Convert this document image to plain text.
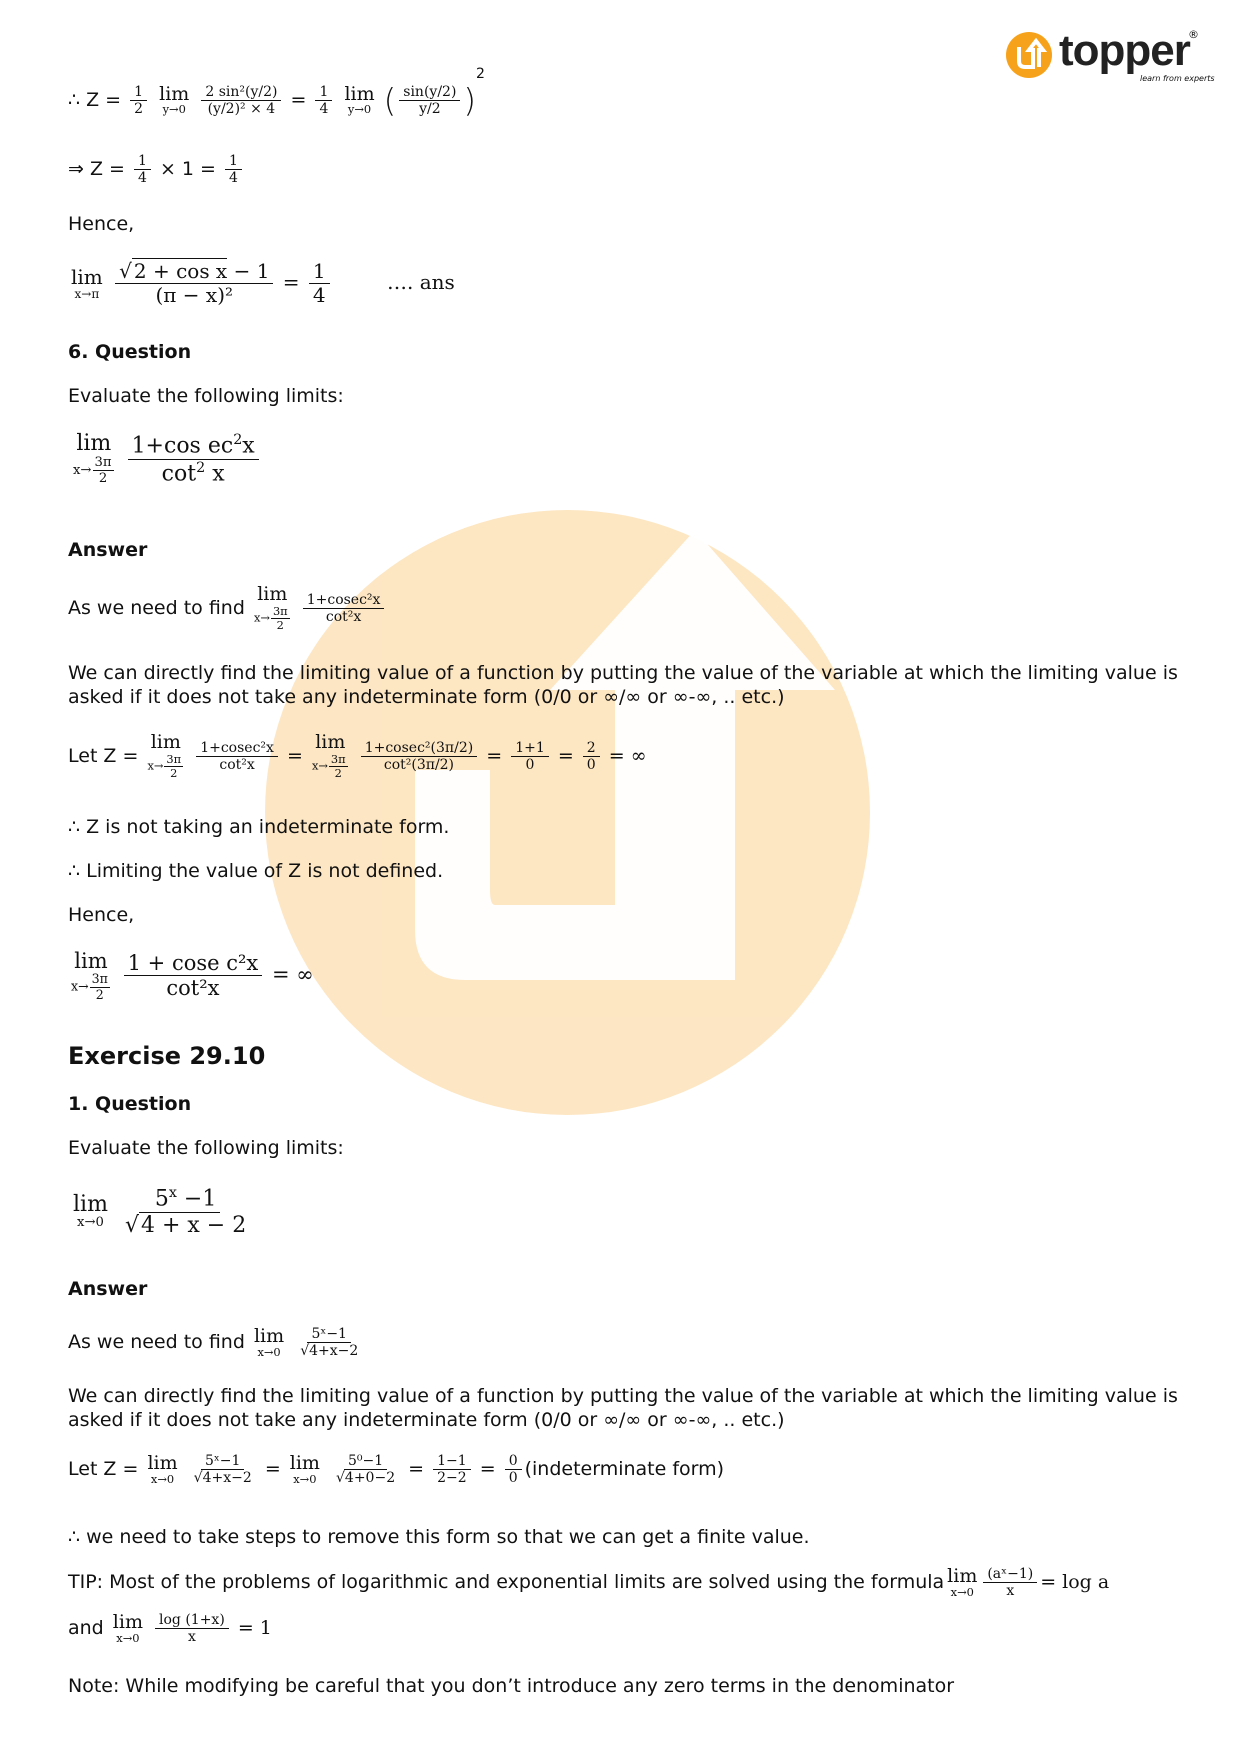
topper
®
learn from experts
∴ $Z = \frac{1}{2}$
lim
y→0
$\frac{\text{2 sin²(y/2)}}{\text{(y/2)² × 4}} = \frac{1}{4}$
lim
y→0 ( $\frac{\sin(y/2)}{y/2} )^2$
⇒ $Z = \frac{1}{4} \times 1 = \frac{1}{4}$
Hence,
lim
x→π
$\frac{\text{√ 2 + cos x − 1}}{\text{(π − x)²}} = \frac{1}{4}$	…. ans
6. Question
Evaluate the following limits:
lim
$x\to \frac{3\pi}{2}$
$\frac{1+\cos ec^2x}{\cot^2 x}$
Answer
As we need to find
lim
$x\to \frac{3\pi}{2}$
$\frac{\text{1+cosec²x}}{\text{cot²x}}$
We can directly find the limiting value of a function by putting the value of the variable at which the limiting value is asked if it does not take any indeterminate form (0/0 or ∞/∞ or ∞-∞, .. etc.)
Let Z =
lim
$x\to \frac{3\pi}{2}$
$\frac{\text{1+cosec²x}}{\text{cot²x}}$ =
lim
$x\to \frac{3\pi}{2}$
$\frac{\text{1+cosec²(3π/2)}}{\text{cot²(3π/2)}} = \frac{1+1}{0} = \frac{2}{0}$ = ∞
∴ Z is not taking an indeterminate form.
∴ Limiting the value of Z is not defined.
Hence,
lim
$x\to \frac{3\pi}{2}$
$\frac{\text{1 + cose c²x}}{\text{cot²x}}$ = ∞
Exercise 29.10
1. Question
Evaluate the following limits:
lim
x→0
$\frac{5^x -1}{√4 + x - 2}$
Answer
As we need to find lim
x→0
$\frac{\text{5ˣ−1}}{√4+x-2}$
We can directly find the limiting value of a function by putting the value of the variable at which the limiting value is asked if it does not take any indeterminate form (0/0 or ∞/∞ or ∞-∞, .. etc.)
Let Z = lim
x→0
$\frac{\text{5ˣ−1}}{√4+x-2} = \lim$
x→0
$\frac{\text{5⁰−1}}{√4+0-2} = \frac{1-1}{2-2} = \frac{0}{0}$ (indeterminate form)
∴ we need to take steps to remove this form so that we can get a finite value.
TIP: Most of the problems of logarithmic and exponential limits are solved using the formula lim
$x\to 0 \frac{\text{(aˣ−1)}}{x} = \log a$
and lim
x→0
$\frac{\log (1+x)}{x} = 1$
Note: While modifying be careful that you don’t introduce any zero terms in the denominator
